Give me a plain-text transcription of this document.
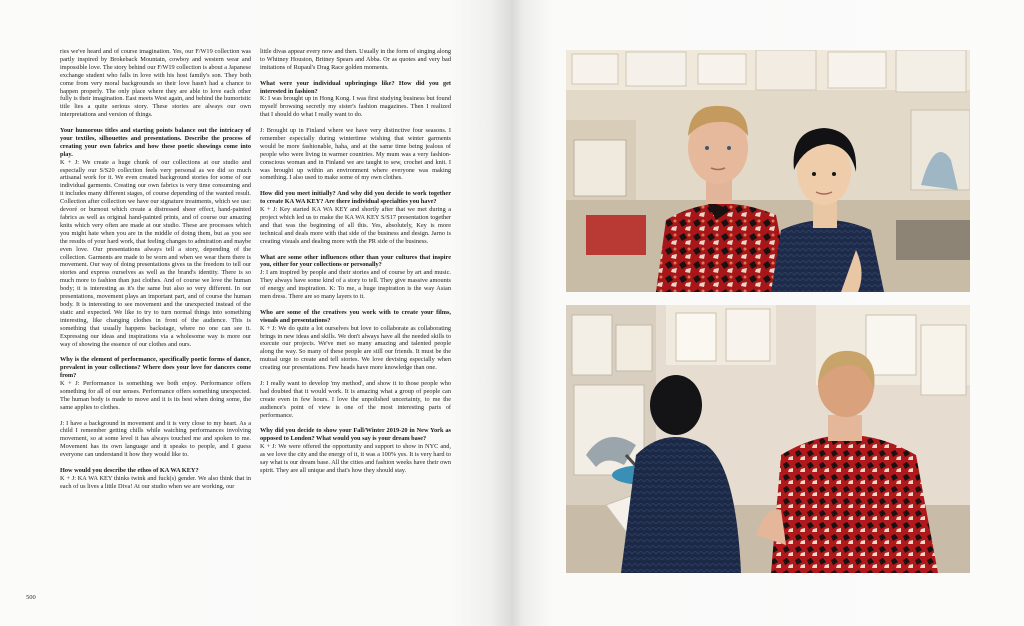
ries we've heard and of course imagination. Yes, our F/W19 collection was partly inspired by Brokeback Mountain, cowboy and western wear and impossible love. The story behind our F/W19 collection is about a Japanese exchange student who falls in love with his host family's son. They both come from very moral backgrounds so their love hasn't had a chance to happen properly. The only place where they are able to love each other fully is their imagination. East meets West again, and behind the humoristic title lies a quite serious story. These stories are always our own interpretations and version of things.

Your humorous titles and starting points balance out the intricacy of your textiles, silhouettes and presentations. Describe the process of creating your own fabrics and how these poetic showings come into play.

K + J: We create a huge chunk of our collections at our studio and especially our S/S20 collection feels very personal as we did so much artisanal work for it. We even created background stories for some of our individual garments. Creating our own fabrics is very time consuming and it includes many different stages, of course depending of the wanted result. Collection after collection we have our signature treatments, which we use: devoré or burnout which create a distressed sheer effect, hand-painted fabrics as well as original hand-painted prints, and of course our amazing knits which very often are made at our studio. These are processes which you might hate when you are in the middle of doing them, but as you see the results of your hard work, that feeling changes to admiration and maybe even love. Our presentations always tell a story, depending of the collection. Garments are made to be worn and when we wear them there is movement. Our way of doing presentations gives us the freedom to tell our stories and express ourselves as well as the brand's identity. There is so much more to fashion than just clothes. And of course we love the human body; it is interesting as it's the same but also so very different. In our presentations, movement plays an important part, and of course the human body. It is interesting to see movement and the unexpected instead of the static and expected. We like to try to turn normal things into something interesting, like changing clothes in front of the audience. This is something that usually happens backstage, where no one can see it. Expressing our ideas and inspirations via a wholesome way is more our way of showing the essence of our clothes and ours.

Why is the element of performance, specifically poetic forms of dance, prevalent in your collections? Where does your love for dancers come from?

K + J: Performance is something we both enjoy. Performance offers something for all of our senses. Performance offers something unexpected. The human body is made to move and it is its best when doing some, the same applies to clothes.

J: I have a background in movement and it is very close to my heart. As a child I remember getting chills while watching performances involving movement, so at some level it has always touched me and spoken to me. Movement has its own language and it speaks to people, and I guess everyone can understand it how they would like to.

How would you describe the ethos of KA WA KEY?

K + J: KA WA KEY thinks twink and fuck(s) gender. We also think that in each of us lives a little Diva! At our studio when we are working, our

little divas appear every now and then. Usually in the form of singing along to Whitney Houston, Britney Spears and Abba. Or as quotes and very bad imitations of Rupaul's Drag Race golden moments.

What were your individual upbringings like? How did you get interested in fashion?

K: I was brought up in Hong Kong. I was first studying business but found myself browsing secretly my sister's fashion magazines. Then I realized that I should do what I really want to do.

J: Brought up in Finland where we have very distinctive four seasons. I remember especially during wintertime wishing that winter garments would be more fashionable, haha, and at the same time being jealous of people who were living in warmer countries. My mum was a very fashion-conscious woman and in Finland we are taught to sew, crochet and knit. I was brought up within an environment where everyone was making something. I also used to make some of my own clothes.

How did you meet initially? And why did you decide to work together to create KA WA KEY? Are there individual specialties you have?

K + J: Key started KA WA KEY and shortly after that we met during a project which led us to make the KA WA KEY S/S17 presentation together and that was the beginning of all this. Yes, absolutely, Key is more technical and deals more with that side of the business and design. Jarno is creating visuals and dealing more with the PR side of the business.

What are some other influences other than your cultures that inspire you, either for your collections or personally?

J: I am inspired by people and their stories and of course by art and music. They always have some kind of a story to tell. They give massive amounts of energy and inspiration. K: To me, a huge inspiration is the way Asian men dress. There are so many layers to it.

Who are some of the creatives you work with to create your films, visuals and presentations?

K + J: We do quite a lot ourselves but love to collaborate as collaborating brings in new ideas and skills. We don't always have all the needed skills to execute our projects. We've met so many amazing and talented people along the way. So many of these people are still our friends. It must be the mutual urge to create and tell stories. We love devising especially when creating our presentations. Few heads have more knowledge than one.

J: I really want to develop 'my method', and show it to those people who had doubted that it would work. It is amazing what a group of people can create even in few hours. I love the unpolished uncertainty, to me the audience's point of view is one of the most interesting parts of performance.

Why did you decide to show your Fall/Winter 2019-20 in New York as opposed to London? What would you say is your dream base?

K + J: We were offered the opportunity and support to show in NYC and, as we love the city and the energy of it, it was a 100% yes. It is very hard to say what is our dream base. All the cities and fashion weeks have their own spirit. They are all unique and that's how they should stay.

500
